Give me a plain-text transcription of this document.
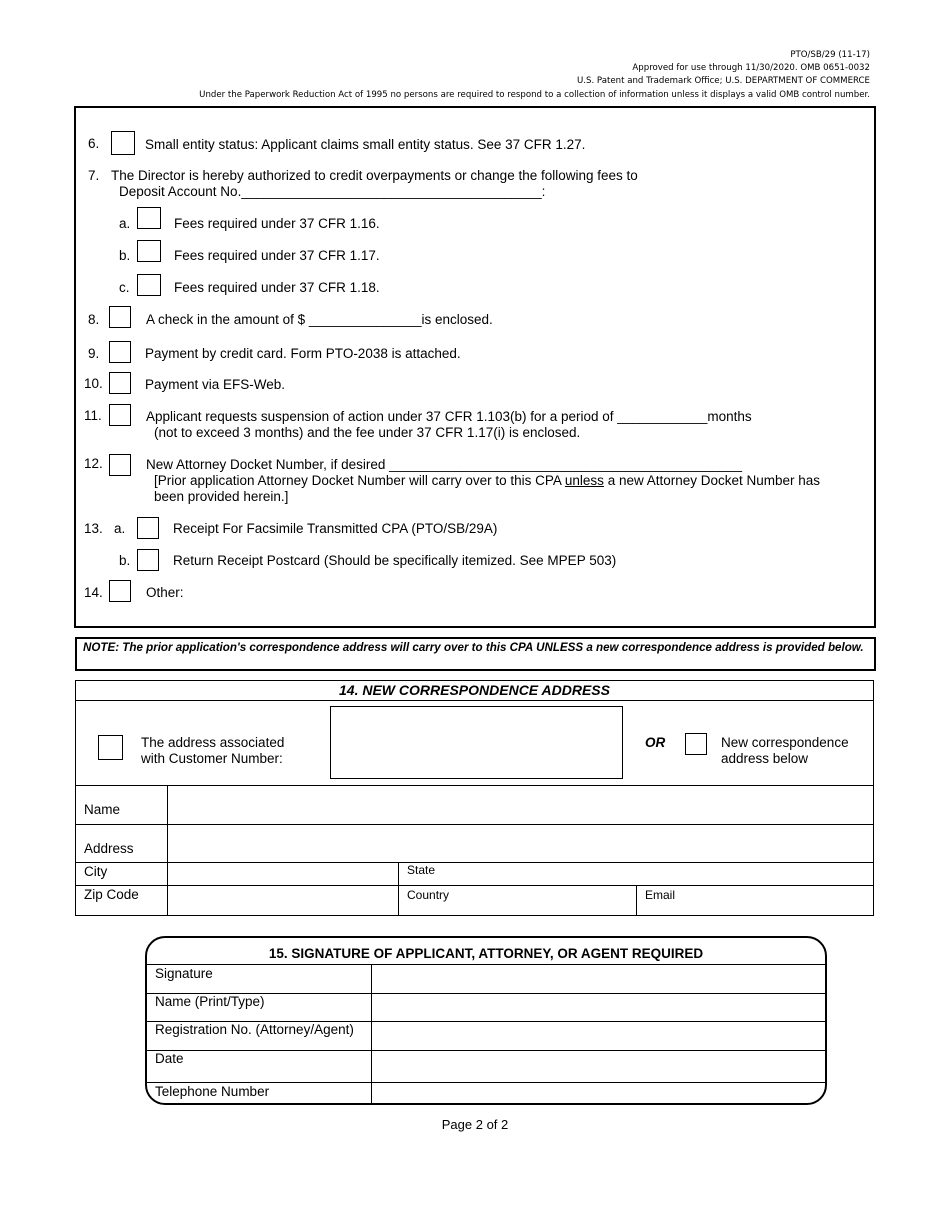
PTO/SB/29 (11-17)
Approved for use through 11/30/2020. OMB 0651-0032
U.S. Patent and Trademark Office; U.S. DEPARTMENT OF COMMERCE
Under the Paperwork Reduction Act of 1995 no persons are required to respond to a collection of information unless it displays a valid OMB control number.
6.	Small entity status: Applicant claims small entity status. See 37 CFR 1.27.
7. The Director is hereby authorized to credit overpayments or change the following fees to
Deposit Account No.________________________________________:
a.	Fees required under 37 CFR 1.16.
b.	Fees required under 37 CFR 1.17.
c.	Fees required under 37 CFR 1.18.
8.	A check in the amount of $ _______________is enclosed.
9.	Payment by credit card. Form PTO-2038 is attached.
10.	Payment via EFS-Web.
11.	Applicant requests suspension of action under 37 CFR 1.103(b) for a period of ____________months
(not to exceed 3 months) and the fee under 37 CFR 1.17(i) is enclosed.
12.	New Attorney Docket Number, if desired _______________________________________________
[Prior application Attorney Docket Number will carry over to this CPA unless a new Attorney Docket Number has
been provided herein.]
13. a.	Receipt For Facsimile Transmitted CPA (PTO/SB/29A)
b.	Return Receipt Postcard (Should be specifically itemized. See MPEP 503)
14.	Other:
NOTE: The prior application's correspondence address will carry over to this CPA UNLESS a new correspondence address is provided below.
14. NEW CORRESPONDENCE ADDRESS
The address associated
with Customer Number:
OR	New correspondence
address below
Name
Address
City	State
Zip Code	Country	Email
15. SIGNATURE OF APPLICANT, ATTORNEY, OR AGENT REQUIRED
Signature
Name (Print/Type)
Registration No. (Attorney/Agent)
Date
Telephone Number
Page 2 of 2
